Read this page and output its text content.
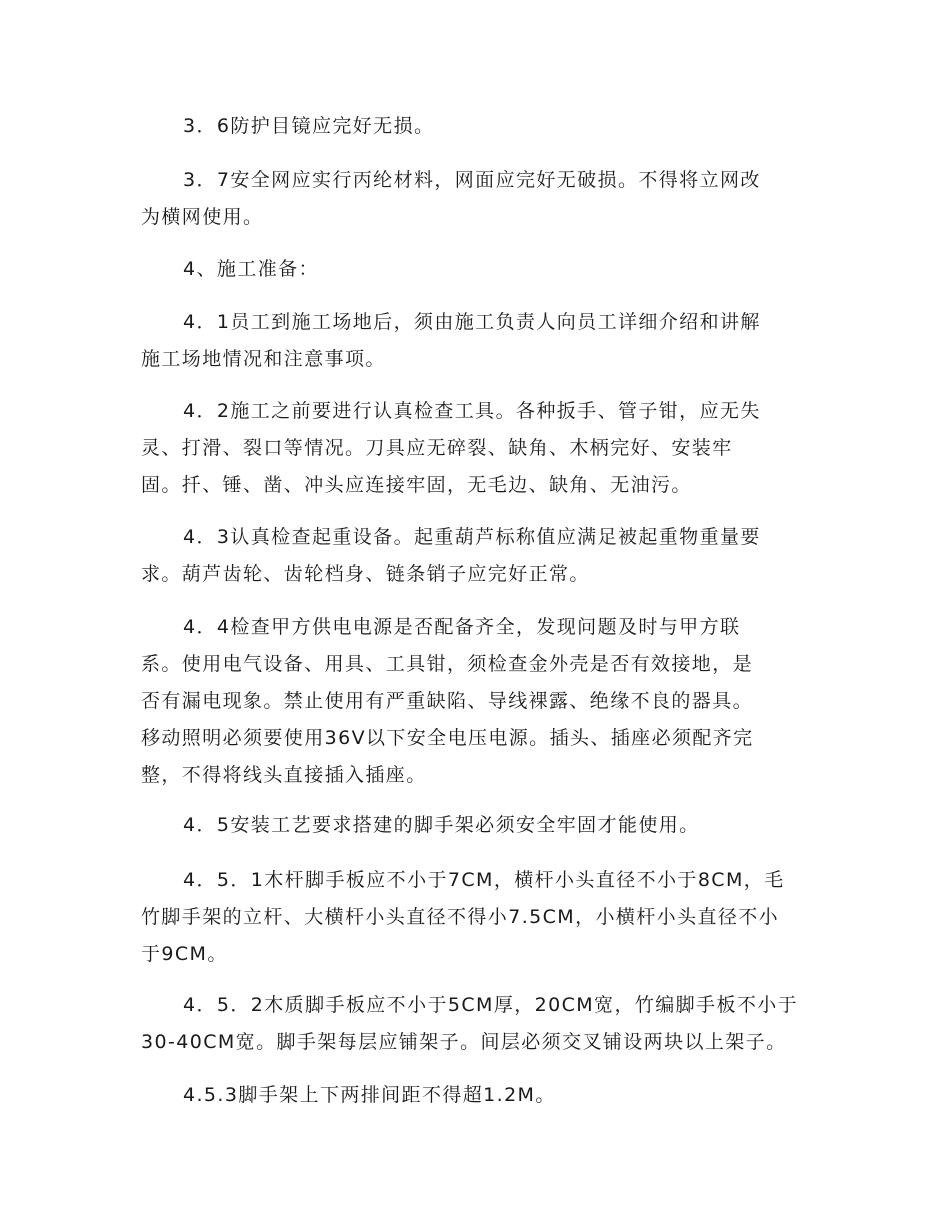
3．6防护目镜应完好无损。
3．7安全网应实行丙纶材料，网面应完好无破损。不得将立网改
为横网使用。
4、施工准备：
4．1员工到施工场地后，须由施工负责人向员工详细介绍和讲解
施工场地情况和注意事项。
4．2施工之前要进行认真检查工具。各种扳手、管子钳，应无失
灵、打滑、裂口等情况。刀具应无碎裂、缺角、木柄完好、安装牢
固。扦、锤、凿、冲头应连接牢固，无毛边、缺角、无油污。
4．3认真检查起重设备。起重葫芦标称值应满足被起重物重量要
求。葫芦齿轮、齿轮档身、链条销子应完好正常。
4．4检查甲方供电电源是否配备齐全，发现问题及时与甲方联
系。使用电气设备、用具、工具钳，须检查金外壳是否有效接地，是
否有漏电现象。禁止使用有严重缺陷、导线裸露、绝缘不良的器具。
移动照明必须要使用36V以下安全电压电源。插头、插座必须配齐完
整，不得将线头直接插入插座。
4．5安装工艺要求搭建的脚手架必须安全牢固才能使用。
4．5．1木杆脚手板应不小于7CM，横杆小头直径不小于8CM，毛
竹脚手架的立杆、大横杆小头直径不得小7.5CM，小横杆小头直径不小
于9CM。
4．5．2木质脚手板应不小于5CM厚，20CM宽，竹编脚手板不小于
30-40CM宽。脚手架每层应铺架子。间层必须交叉铺设两块以上架子。
4.5.3脚手架上下两排间距不得超1.2M。
